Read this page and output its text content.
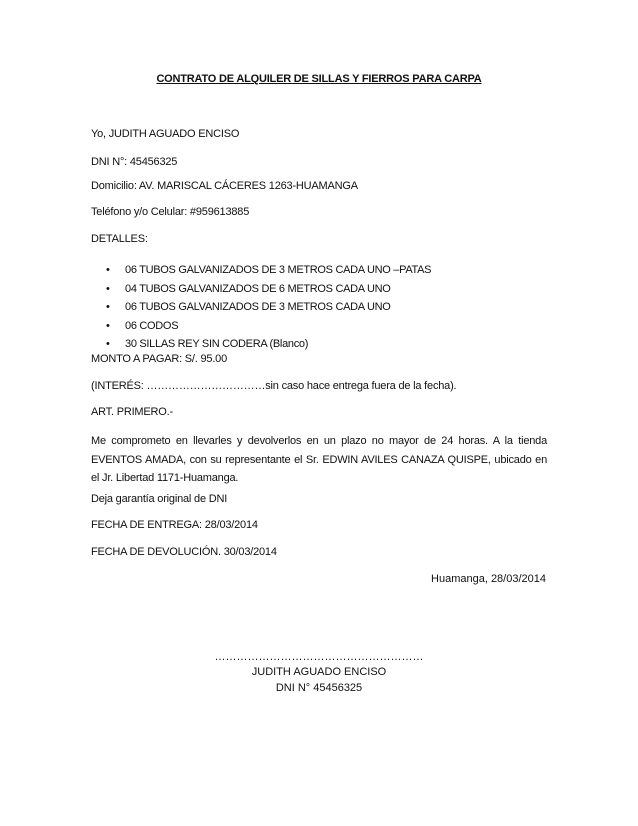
CONTRATO DE ALQUILER DE SILLAS Y FIERROS PARA CARPA
Yo, JUDITH AGUADO ENCISO
DNI N°: 45456325
Domicilio: AV. MARISCAL CÁCERES 1263-HUAMANGA
Teléfono y/o Celular: #959613885
DETALLES:
• 06 TUBOS GALVANIZADOS DE 3 METROS CADA UNO –PATAS
• 04 TUBOS GALVANIZADOS DE 6 METROS CADA UNO
• 06 TUBOS GALVANIZADOS DE 3 METROS CADA UNO
• 06 CODOS
• 30 SILLAS REY SIN CODERA (Blanco)
MONTO A PAGAR: S/. 95.00
(INTERÉS: ……………………………sin caso hace entrega fuera de la fecha).
ART. PRIMERO.-
Me comprometo en llevarles y devolverlos en un plazo no mayor de 24 horas. A la tienda EVENTOS AMADA, con su representante el Sr. EDWIN AVILES CANAZA QUISPE, ubicado en el Jr. Libertad 1171-Huamanga.
Deja garantía original de DNI
FECHA DE ENTREGA: 28/03/2014
FECHA DE DEVOLUCIÓN. 30/03/2014
Huamanga, 28/03/2014
…………………………………………………
JUDITH AGUADO ENCISO
DNI N° 45456325
